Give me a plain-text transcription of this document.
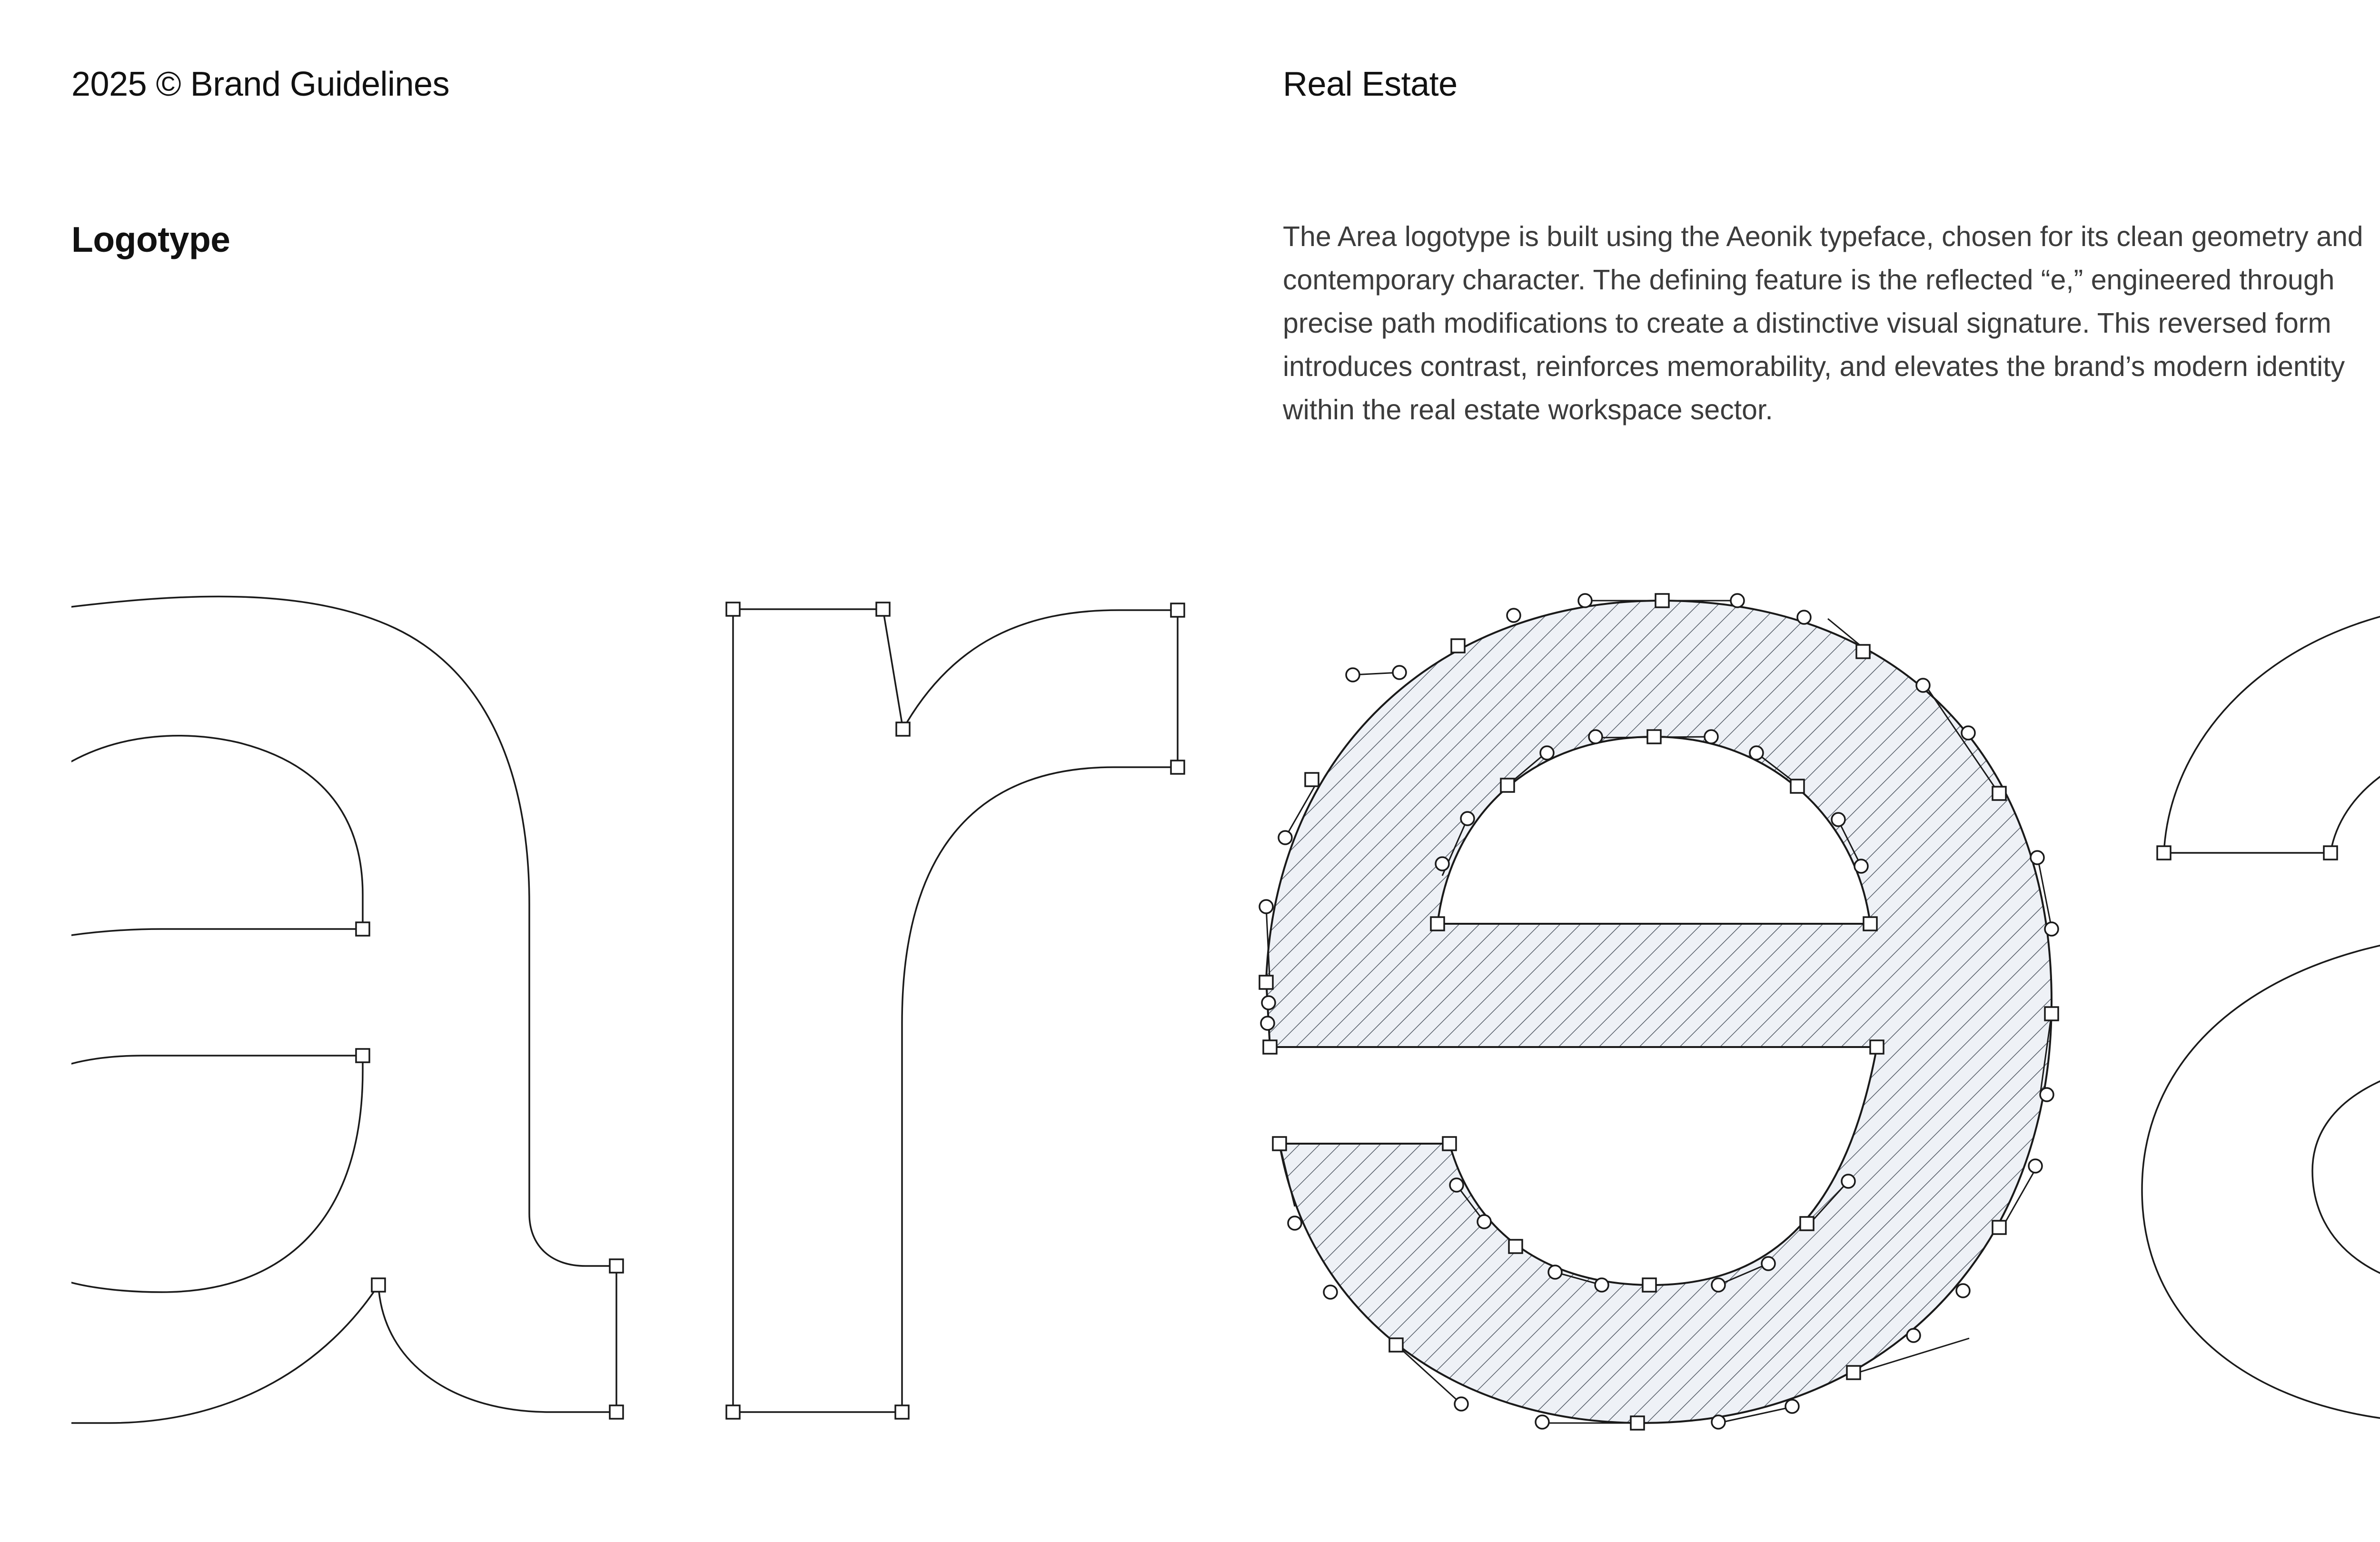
2025 © Brand Guidelines	Real Estate
Logotype	The Area logotype is built using the Aeonik typeface, chosen for its clean geometry and contemporary character. The defining feature is the reflected “e,” engineered through precise path modifications to create a distinctive visual signature. This reversed form introduces contrast, reinforces memorability, and elevates the brand’s modern identity within the real estate workspace sector.
